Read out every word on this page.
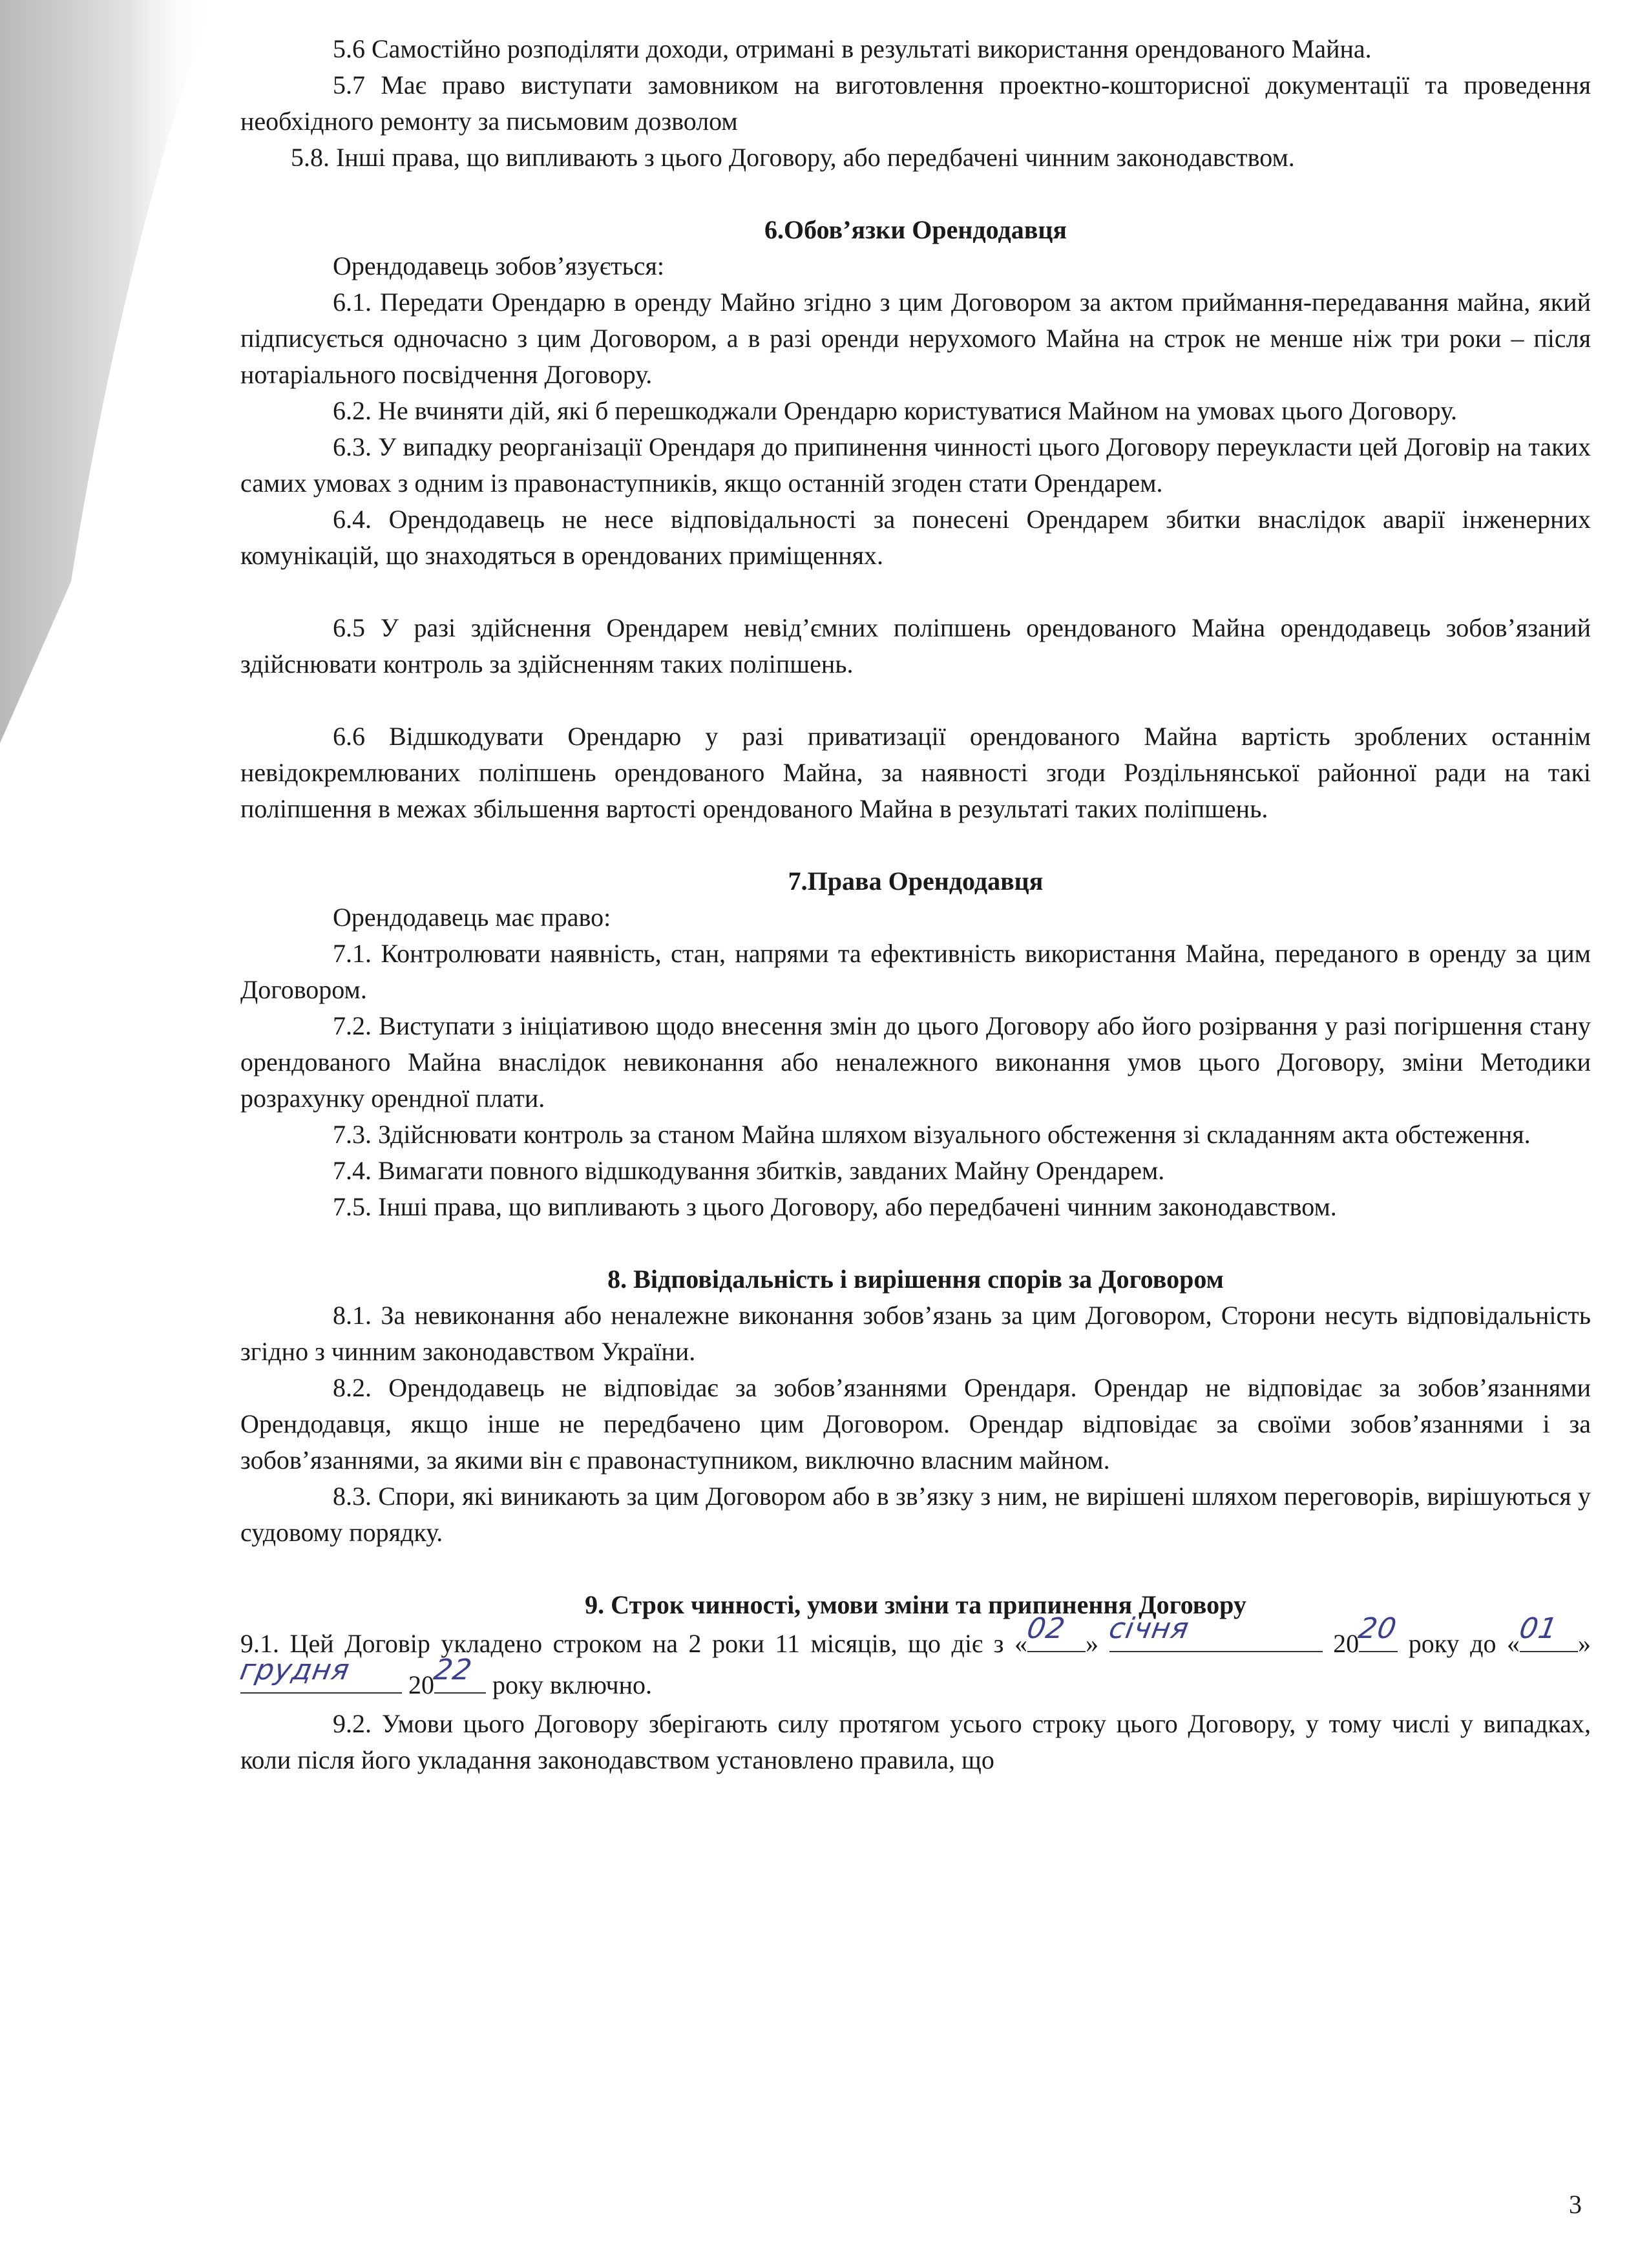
5.6 Самостійно розподіляти доходи, отримані в результаті використання орендованого Майна.

5.7 Має право виступати замовником на виготовлення проектно-кошторисної документації та проведення необхідного ремонту за письмовим дозволом

5.8. Інші права, що випливають з цього Договору, або передбачені чинним законодавством.

6.Обов’язки Орендодавця

Орендодавець зобов’язується:

6.1. Передати Орендарю в оренду Майно згідно з цим Договором за актом приймання-передавання майна, який підписується одночасно з цим Договором, а в разі оренди нерухомого Майна на строк не менше ніж три роки – після нотаріального посвідчення Договору.

6.2. Не вчиняти дій, які б перешкоджали Орендарю користуватися Майном на умовах цього Договору.

6.3. У випадку реорганізації Орендаря до припинення чинності цього Договору переукласти цей Договір на таких самих умовах з одним із правонаступників, якщо останній згоден стати Орендарем.

6.4. Орендодавець не несе відповідальності за понесені Орендарем збитки внаслідок аварії інженерних комунікацій, що знаходяться в орендованих приміщеннях.

6.5 У разі здійснення Орендарем невід’ємних поліпшень орендованого Майна орендодавець зобов’язаний здійснювати контроль за здійсненням таких поліпшень.

6.6 Відшкодувати Орендарю у разі приватизації орендованого Майна вартість зроблених останнім невідокремлюваних поліпшень орендованого Майна, за наявності згоди Роздільнянської районної ради на такі поліпшення в межах збільшення вартості орендованого Майна в результаті таких поліпшень.

7.Права Орендодавця

Орендодавець має право:

7.1. Контролювати наявність, стан, напрями та ефективність використання Майна, переданого в оренду за цим Договором.

7.2. Виступати з ініціативою щодо внесення змін до цього Договору або його розірвання у разі погіршення стану орендованого Майна внаслідок невиконання або неналежного виконання умов цього Договору, зміни Методики розрахунку орендної плати.

7.3. Здійснювати контроль за станом Майна шляхом візуального обстеження зі складанням акта обстеження.

7.4. Вимагати повного відшкодування збитків, завданих Майну Орендарем.

7.5. Інші права, що випливають з цього Договору, або передбачені чинним законодавством.

8. Відповідальність і вирішення спорів за Договором

8.1. За невиконання або неналежне виконання зобов’язань за цим Договором, Сторони несуть відповідальність згідно з чинним законодавством України.

8.2. Орендодавець не відповідає за зобов’язаннями Орендаря. Орендар не відповідає за зобов’язаннями Орендодавця, якщо інше не передбачено цим Договором. Орендар відповідає за своїми зобов’язаннями і за зобов’язаннями, за якими він є правонаступником, виключно власним майном.

8.3. Спори, які виникають за цим Договором або в зв’язку з ним, не вирішені шляхом переговорів, вирішуються у судовому порядку.

9. Строк чинності, умови зміни та припинення Договору

9.1. Цей Договір укладено строком на 2 роки 11 місяців, що діє з «
02 »
січня	20
20
року до «
01 »
грудня	20
22 року включно.

9.2. Умови цього Договору зберігають силу протягом усього строку цього Договору, у тому числі у випадках, коли після його укладання законодавством установлено правила, що

3
